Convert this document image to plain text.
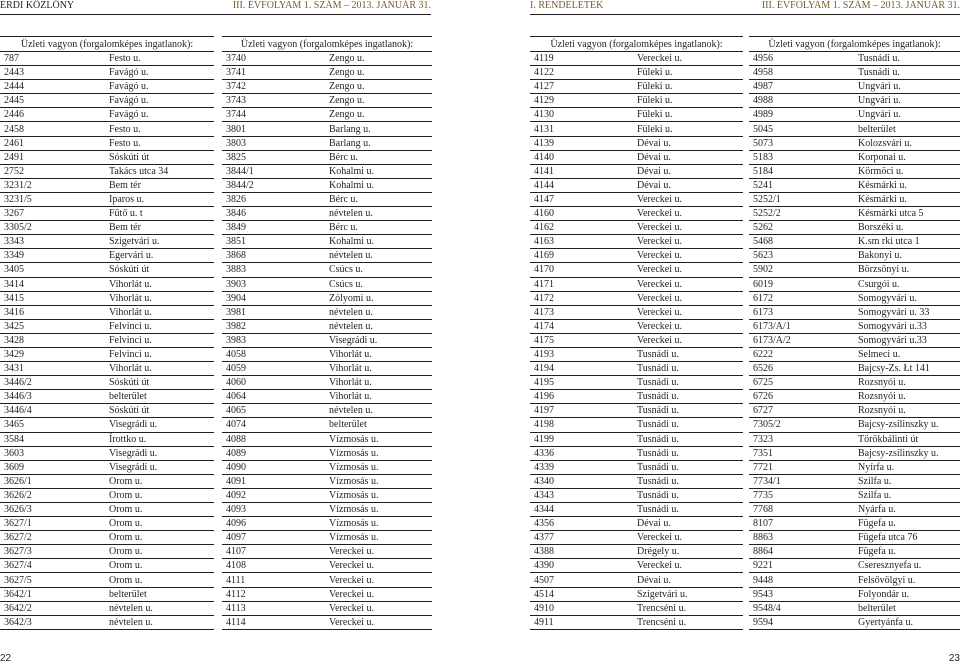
ÉRDI KÖZLÖNY	III. ÉVFOLYAM 1. SZÁM – 2013. JANUÁR 31.	I. RENDELETEK	III. ÉVFOLYAM 1. SZÁM – 2013. JANUÁR 31.
Üzleti vagyon (forgalomképes ingatlanok):	
787	Festo u.
2443	Favágó u.
2444	Favágó u.
2445	Favágó u.
2446	Favágó u.
2458	Festo u.
2461	Festo u.
2491	Sóskúti út
2752	Takács utca 34
3231/2	Bem tér
3231/5	Iparos u.
3267	Fűtő u. t
3305/2	Bem tér
3343	Szigetvári u.
3349	Egervári u.
3405	Sóskúti út
3414	Vihorlát u.
3415	Vihorlát u.
3416	Vihorlát u.
3425	Felvinci u.
3428	Felvinci u.
3429	Felvinci u.
3431	Vihorlát u.
3446/2	Sóskúti út
3446/3	belterület
3446/4	Sóskúti út
3465	Visegrádi u.
3584	Írottko u.
3603	Visegrádi u.
3609	Visegrádi u.
3626/1	Orom u.
3626/2	Orom u.
3626/3	Orom u.
3627/1	Orom u.
3627/2	Orom u.
3627/3	Orom u.
3627/4	Orom u.
3627/5	Orom u.
3642/1	belterület
3642/2	névtelen u.
3642/3	névtelen u.
Üzleti vagyon (forgalomképes ingatlanok):	
3740	Zengo u.
3741	Zengo u.
3742	Zengo u.
3743	Zengo u.
3744	Zengo u.
3801	Barlang u.
3803	Barlang u.
3825	Bérc u.
3844/1	Kohalmi u.
3844/2	Kohalmi u.
3826	Bérc u.
3846	névtelen u.
3849	Bérc u.
3851	Kohalmi u.
3868	névtelen u.
3883	Csúcs u.
3903	Csúcs u.
3904	Zólyomi u.
3981	névtelen u.
3982	névtelen u.
3983	Visegrádi u.
4058	Vihorlát u.
4059	Vihorlát u.
4060	Vihorlát u.
4064	Vihorlát u.
4065	névtelen u.
4074	belterület
4088	Vízmosás u.
4089	Vízmosás u.
4090	Vízmosás u.
4091	Vízmosás u.
4092	Vízmosás u.
4093	Vízmosás u.
4096	Vízmosás u.
4097	Vízmosás u.
4107	Vereckei u.
4108	Vereckei u.
4111	Vereckei u.
4112	Vereckei u.
4113	Vereckei u.
4114	Vereckei u.
Üzleti vagyon (forgalomképes ingatlanok):	
4119	Vereckei u.
4122	Füleki u.
4127	Füleki u.
4129	Füleki u.
4130	Füleki u.
4131	Füleki u.
4139	Dévai u.
4140	Dévai u.
4141	Dévai u.
4144	Dévai u.
4147	Vereckei u.
4160	Vereckei u.
4162	Vereckei u.
4163	Vereckei u.
4169	Vereckei u.
4170	Vereckei u.
4171	Vereckei u.
4172	Vereckei u.
4173	Vereckei u.
4174	Vereckei u.
4175	Vereckei u.
4193	Tusnádi u.
4194	Tusnádi u.
4195	Tusnádi u.
4196	Tusnádi u.
4197	Tusnádi u.
4198	Tusnádi u.
4199	Tusnádi u.
4336	Tusnádi u.
4339	Tusnádi u.
4340	Tusnádi u.
4343	Tusnádi u.
4344	Tusnádi u.
4356	Dévai u.
4377	Vereckei u.
4388	Drégely u.
4390	Vereckei u.
4507	Dévai u.
4514	Szigetvári u.
4910	Trencséni u.
4911	Trencséni u.
Üzleti vagyon (forgalomképes ingatlanok):	
4956	Tusnádi u.
4958	Tusnádi u.
4987	Ungvári u.
4988	Ungvári u.
4989	Ungvári u.
5045	belterület
5073	Kolozsvári u.
5183	Korponai u.
5184	Körmöci u.
5241	Késmárki u.
5252/1	Késmárki u.
5252/2	Késmárki utca 5
5262	Borszéki u.
5468	K.sm rki utca 1
5623	Bakonyi u.
5902	Börzsönyi u.
6019	Csurgói u.
6172	Somogyvári u.
6173	Somogyvári u. 33
6173/A/1	Somogyvári u.33
6173/A/2	Somogyvári u.33
6222	Selmeci u.
6526	Bajcsy-Zs. Łt 141
6725	Rozsnyói u.
6726	Rozsnyói u.
6727	Rozsnyói u.
7305/2	Bajcsy-zsilinszky u.
7323	Törökbálinti út
7351	Bajcsy-zsilinszky u.
7721	Nyírfa u.
7734/1	Szilfa u.
7735	Szilfa u.
7768	Nyárfa u.
8107	Fügefa u.
8863	Fügefa utca 76
8864	Fügefa u.
9221	Cseresznyefa u.
9448	Felsővölgyi u.
9543	Folyondár u.
9548/4	belterület
9594	Gyertyánfa u.
22	23
